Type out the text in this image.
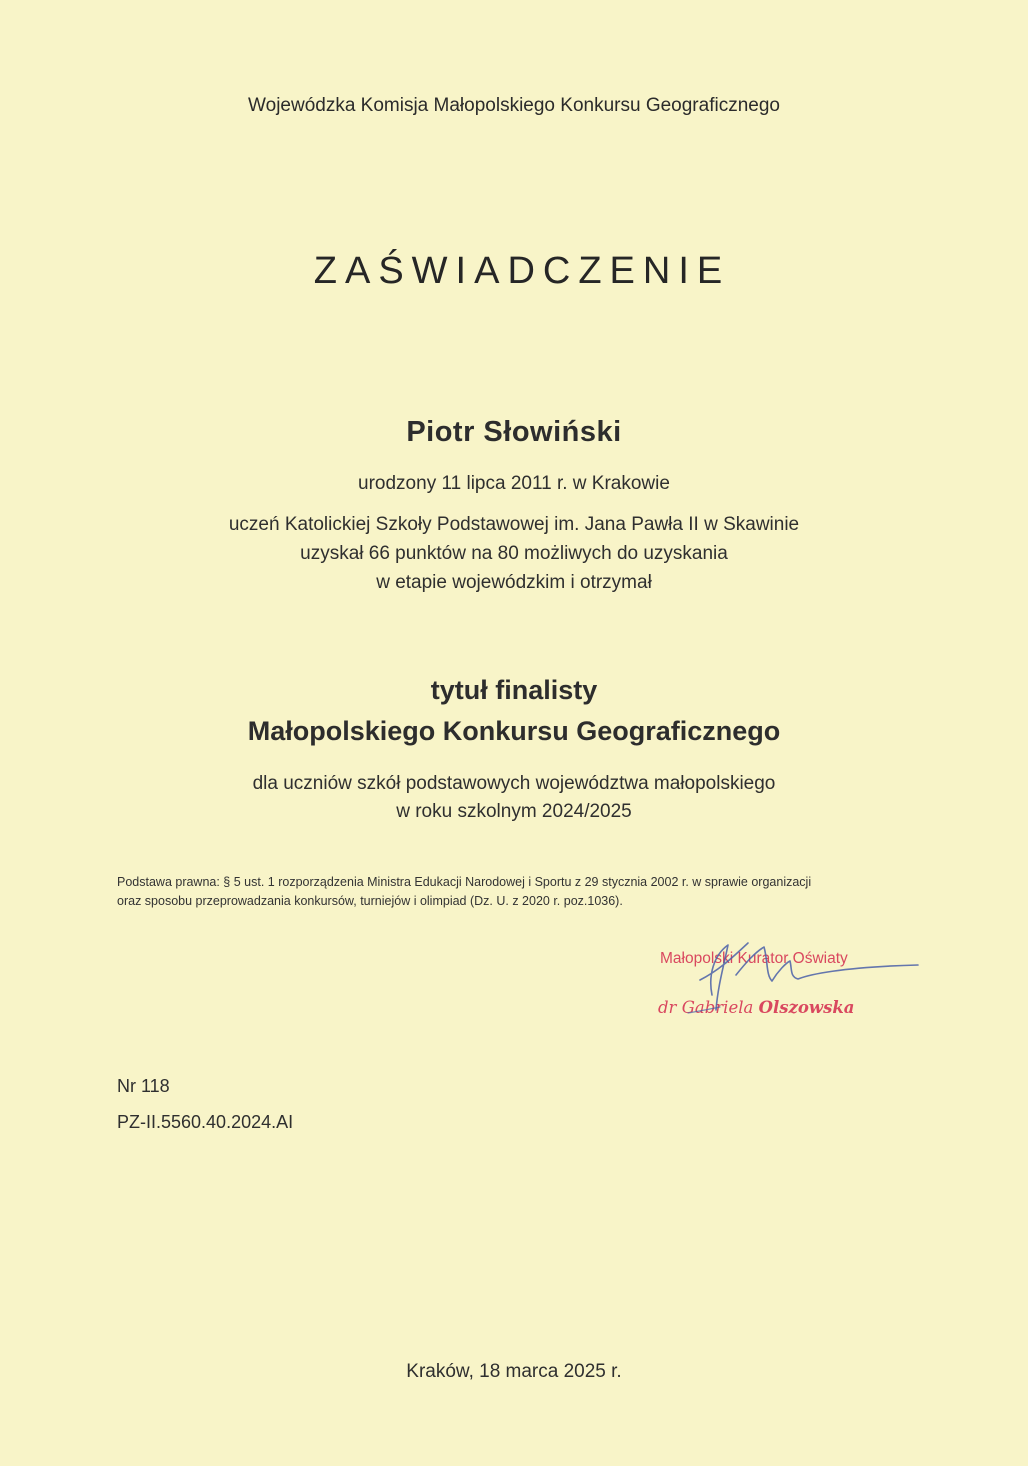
Wojewódzka Komisja Małopolskiego Konkursu Geograficznego
ZAŚWIADCZENIE
Piotr Słowiński
urodzony 11 lipca 2011 r. w Krakowie
uczeń Katolickiej Szkoły Podstawowej im. Jana Pawła II w Skawinie
uzyskał 66 punktów na 80 możliwych do uzyskania
w etapie wojewódzkim i otrzymał
tytuł finalisty
Małopolskiego Konkursu Geograficznego
dla uczniów szkół podstawowych województwa małopolskiego
w roku szkolnym 2024/2025
Podstawa prawna: § 5 ust. 1 rozporządzenia Ministra Edukacji Narodowej i Sportu z 29 stycznia 2002 r. w sprawie organizacji
oraz sposobu przeprowadzania konkursów, turniejów i olimpiad (Dz. U. z 2020 r. poz.1036).
Małopolski Kurator Oświaty
dr Gabriela Olszowska
Nr 118
PZ-II.5560.40.2024.AI
Kraków, 18 marca 2025 r.
